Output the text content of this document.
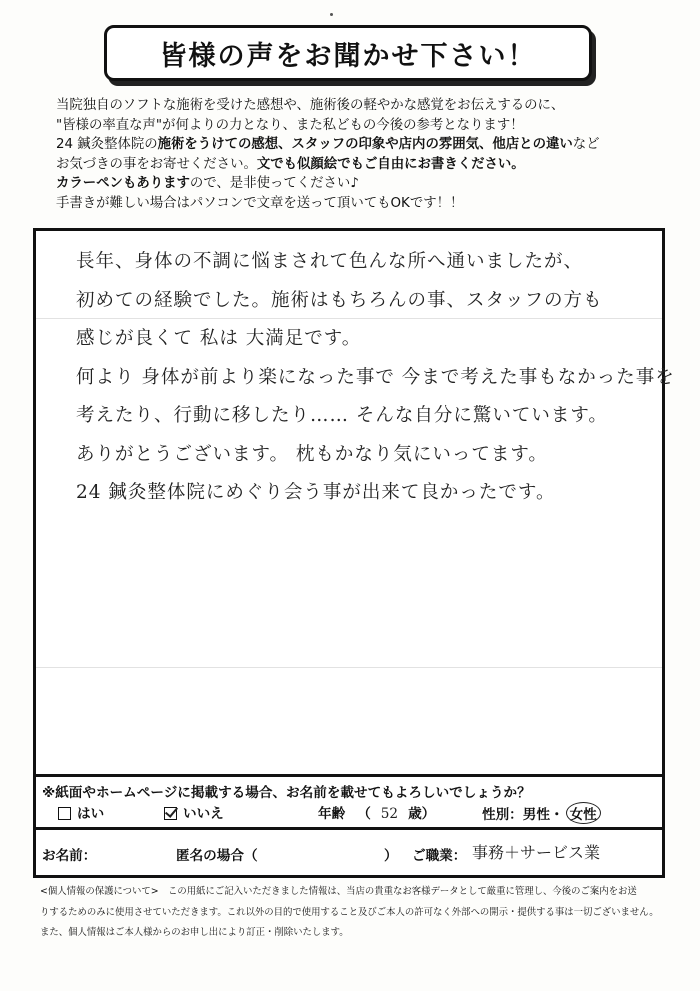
皆様の声をお聞かせ下さい！
当院独自のソフトな施術を受けた感想や、施術後の軽やかな感覚をお伝えするのに、
"皆様の率直な声"が何よりの力となり、また私どもの今後の参考となります！
24 鍼灸整体院の施術をうけての感想、スタッフの印象や店内の雰囲気、他店との違いなど
お気づきの事をお寄せください。文でも似顔絵でもご自由にお書きください。
カラーペンもありますので、是非使ってください♪
手書きが難しい場合はパソコンで文章を送って頂いてもOKです！！
長年、身体の不調に悩まされて色んな所へ通いましたが、
初めての経験でした。施術はもちろんの事、スタッフの方も
感じが良くて 私は 大満足です。
何より 身体が前より楽になった事で 今まで考えた事もなかった事を
考えたり、行動に移したり…… そんな自分に驚いています。
ありがとうございます。 枕もかなり気にいってます。
24 鍼灸整体院にめぐり会う事が出来て良かったです。
※紙面やホームページに掲載する場合、お名前を載せてもよろしいでしょうか？
はい	いいえ	年齢 （ 52 歳）	性別：男性・ 女性
お名前：	匿名の場合（	） ご職業： 事務＋サービス業
<個人情報の保護について>　この用紙にご記入いただきました情報は、当店の貴重なお客様データとして厳重に管理し、今後のご案内をお送
りするためのみに使用させていただきます。これ以外の目的で使用すること及びご本人の許可なく外部への開示・提供する事は一切ございません。
また、個人情報はご本人様からのお申し出により訂正・削除いたします。
